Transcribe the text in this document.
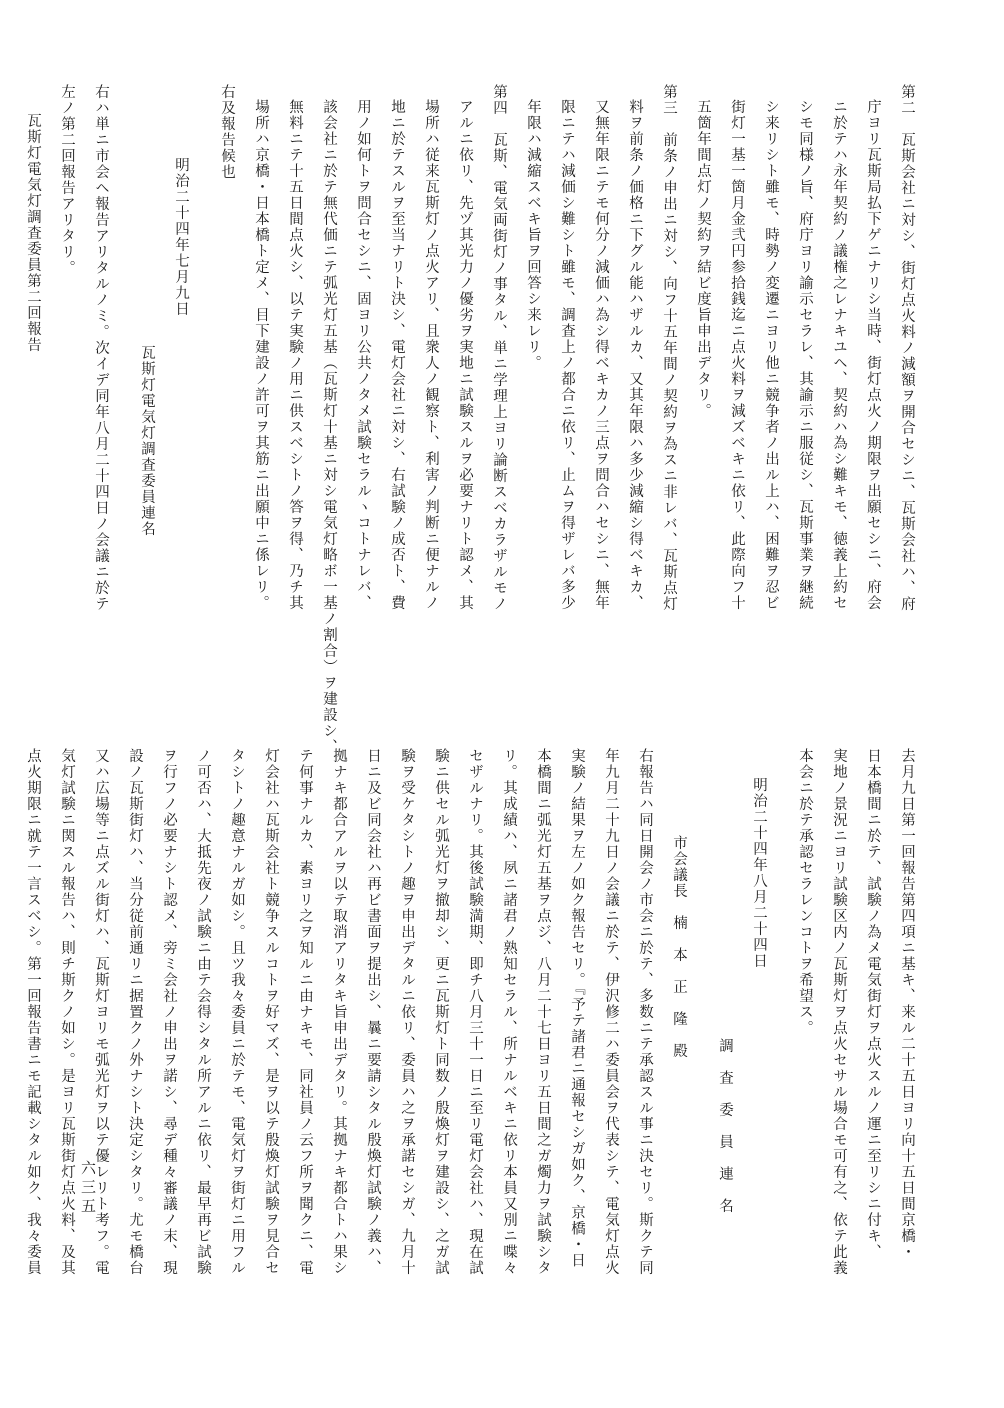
第二　瓦斯会社ニ対シ、街灯点火料ノ減額ヲ開合セシニ、瓦斯会社ハ、府
庁ヨリ瓦斯局払下ゲニナリシ当時、街灯点火ノ期限ヲ出願セシニ、府会
ニ於テハ永年契約ノ議権之レナキユヘ、契約ハ為シ難キモ、徳義上約セ
シモ同様ノ旨、府庁ヨリ諭示セラレ、其諭示ニ服従シ、瓦斯事業ヲ継続
シ来リシト雖モ、時勢ノ変遷ニヨリ他ニ競争者ノ出ル上ハ、困難ヲ忍ビ
街灯一基一箇月金弐円参拾銭迄ニ点火料ヲ減ズベキニ依リ、此際向フ十
五箇年間点灯ノ契約ヲ結ビ度旨申出デタリ。
第三　前条ノ申出ニ対シ、向フ十五年間ノ契約ヲ為スニ非レバ、瓦斯点灯
料ヲ前条ノ価格ニ下グル能ハザルカ、又其年限ハ多少減縮シ得ベキカ、
又無年限ニテモ何分ノ減価ハ為シ得ベキカノ三点ヲ問合ハセシニ、無年
限ニテハ減価シ難シト雖モ、調査上ノ都合ニ依リ、止ムヲ得ザレバ多少
年限ハ減縮スベキ旨ヲ回答シ来レリ。
第四　瓦斯、電気両街灯ノ事タル、単ニ学理上ヨリ論断スベカラザルモノ
アルニ依リ、先ヅ其光力ノ優劣ヲ実地ニ試験スルヲ必要ナリト認メ、其
場所ハ従来瓦斯灯ノ点火アリ、且衆人ノ観察ト、利害ノ判断ニ便ナルノ
地ニ於テスルヲ至当ナリト決シ、電灯会社ニ対シ、右試験ノ成否ト、費
用ノ如何トヲ問合セシニ、固ヨリ公共ノタメ試験セラルヽコトナレバ、
該会社ニ於テ無代価ニテ弧光灯五基（瓦斯灯十基ニ対シ電気灯略ボ一基ノ割合）ヲ建設シ、
無料ニテ十五日間点火シ、以テ実験ノ用ニ供スベシトノ答ヲ得、乃チ其
場所ハ京橋・日本橋ト定メ、目下建設ノ許可ヲ其筋ニ出願中ニ係レリ。
右及報告候也
明治二十四年七月九日
瓦斯灯電気灯調査委員連名
右ハ単ニ市会ヘ報告アリタルノミ。次イデ同年八月二十四日ノ会議ニ於テ
左ノ第二回報告アリタリ。
瓦斯灯電気灯調査委員第二回報告
去月九日第一回報告第四項ニ基キ、来ル二十五日ヨリ向十五日間京橋・
日本橋間ニ於テ、試験ノ為メ電気街灯ヲ点火スルノ運ニ至リシニ付キ、
実地ノ景況ニヨリ試験区内ノ瓦斯灯ヲ点火セサル場合モ可有之、依テ此義
本会ニ於テ承認セラレンコトヲ希望ス。
明治二十四年八月二十四日
調　査　委　員　連　名
市会議長　楠　本　正　隆　殿
右報告ハ同日開会ノ市会ニ於テ、多数ニテ承認スル事ニ決セリ。斯クテ同
年九月二十九日ノ会議ニ於テ、伊沢修二ハ委員会ヲ代表シテ、電気灯点火
実験ノ結果ヲ左ノ如ク報告セリ。『予テ諸君ニ通報セシガ如ク、京橋・日
本橋間ニ弧光灯五基ヲ点ジ、八月二十七日ヨリ五日間之ガ燭力ヲ試験シタ
リ。其成績ハ、夙ニ諸君ノ熟知セラル、所ナルベキニ依リ本員又別ニ喋々
セザルナリ。其後試験満期、即チ八月三十一日ニ至リ電灯会社ハ、現在試
験ニ供セル弧光灯ヲ撤却シ、更ニ瓦斯灯ト同数ノ殷煥灯ヲ建設シ、之ガ試
験ヲ受ケタシトノ趣ヲ申出デタルニ依リ、委員ハ之ヲ承諾セシガ、九月十
日ニ及ビ同会社ハ再ビ書面ヲ提出シ、曩ニ要請シタル殷煥灯試験ノ義ハ、
拠ナキ都合アルヲ以テ取消アリタキ旨申出デタリ。其拠ナキ都合トハ果シ
テ何事ナルカ、素ヨリ之ヲ知ルニ由ナキモ、同社員ノ云フ所ヲ聞クニ、電
灯会社ハ瓦斯会社ト競争スルコトヲ好マズ、是ヲ以テ殷煥灯試験ヲ見合セ
タシトノ趣意ナルガ如シ。且ツ我々委員ニ於テモ、電気灯ヲ街灯ニ用フル
ノ可否ハ、大抵先夜ノ試験ニ由テ会得シタル所アルニ依リ、最早再ビ試験
ヲ行フノ必要ナシト認メ、旁ミ会社ノ申出ヲ諾シ、尋デ種々審議ノ末、現
設ノ瓦斯街灯ハ、当分従前通リニ据置クノ外ナシト決定シタリ。尤モ橋台
又ハ広場等ニ点ズル街灯ハ、瓦斯灯ヨリモ弧光灯ヲ以テ優レリト考フ。電
気灯試験ニ関スル報告ハ、則チ斯クノ如シ。是ヨリ瓦斯街灯点火料、及其
点火期限ニ就テ一言スベシ。第一回報告書ニモ記載シタル如ク、我々委員	六三五
